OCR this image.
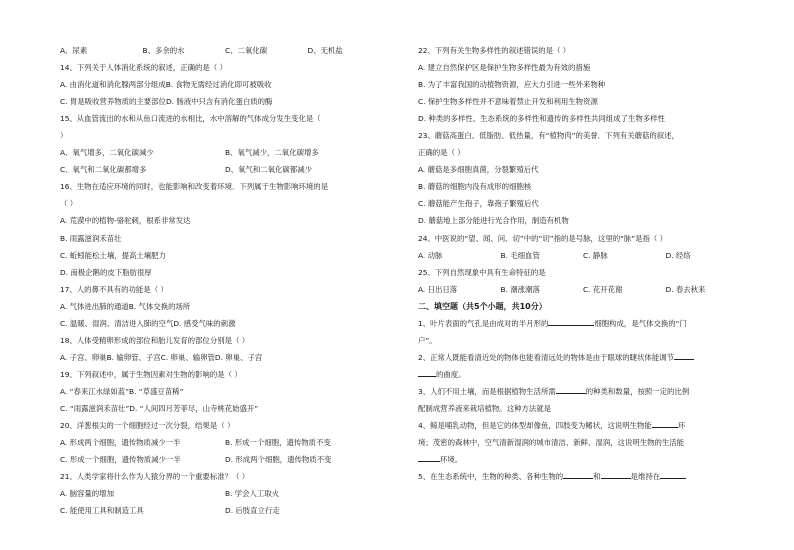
A、尿素	B、多余的水	C、二氧化碳	D、无机盐
14、下列关于人体消化系统的叙述，正确的是（ ）
A. 由消化道和消化腺两部分组成B. 食物无需经过消化即可被吸收
C. 胃是吸收营养物质的主要部位D. 肠液中只含有消化蛋白质的酶
15、从血管流出的水和从鱼口流进的水相比，水中溶解的气体成分发生变化是（
）
A、氧气增多，二氧化碳减少	B、氧气减少，二氧化碳增多
C、氧气和二氧化碳都增多	D、氧气和二氧化碳都减少
16、生物在适应环境的同时，也能影响和改变着环境．下列属于生物影响环境的是
（ ）
A. 荒漠中的植物-骆驼刺，根系非常发达
B. 雨露滋润禾苗壮
C. 蚯蚓能松土壤，提高土壤肥力
D. 南极企鹅的皮下脂肪很厚
17、人的鼻不具有的功能是（ ）
A. 气体进出肺的通道B. 气体交换的场所
C. 温暖、湿润、清洁进入肺的空气D. 感受气味的刺激
18、人体受精卵形成的部位和胎儿发育的部位分别是（ ）
A. 子宫、卵巢B. 输卵管、子宫C. 卵巢、输卵管D. 卵巢、子宫
19、下列叙述中，属于生物因素对生物的影响的是（ ）
A. “春来江水绿如蓝”B. “草盛豆苗稀”
C. “雨露滋润禾苗壮”D. “人间四月芳菲尽，山寺桃花始盛开”
20、洋葱根尖的一个细胞经过一次分裂，结果是（ ）
A. 形成两个细胞，遗传物质减少一半	B. 形成一个细胞，遗传物质不变
C. 形成一个细胞，遗传物质减少一半	D. 形成两个细胞，遗传物质不变
21、人类学家将什么作为人猿分界的一个重要标准？（ ）
A. 脑容量的增加	B. 学会人工取火
C. 能使用工具和制造工具	D. 后肢直立行走
22、下列有关生物多样性的叙述错误的是（ ）
A. 建立自然保护区是保护生物多样性最为有效的措施
B. 为了丰富我国的动植物资源，应大力引进一些外来物种
C. 保护生物多样性并不意味着禁止开发和利用生物资源
D. 种类的多样性、生态系统的多样性和遗传的多样性共同组成了生物多样性
23、蘑菇高蛋白、低脂肪、低热量，有“植物肉”的美誉．下列有关蘑菇的叙述，
正确的是（ ）
A. 蘑菇是多细胞真菌，分裂繁殖后代
B. 蘑菇的细胞内没有成形的细胞核
C. 蘑菇能产生孢子，靠孢子繁殖后代
D. 蘑菇地上部分能进行光合作用，制造有机物
24、中医说的“望、闻、问、切”中的“切”指的是号脉，这里的“脉”是指（ ）
A. 动脉	B. 毛细血管	C. 静脉	D. 经络
25、下列自然现象中具有生命特征的是
A. 日出日落	B. 潮涨潮落	C. 花开花谢	D. 春去秋来
二、填空题（共5个小题，共10分）
1、叶片表面的气孔是由成对的半月形的	细胞构成，是气体交换的“门
户”。
2、正常人既能看清近处的物体也能看清远处的物体是由于眼球的睫状体能调节
的曲度。
3、人们不用土壤，而是根据植物生活所需	的种类和数量，按照一定的比例
配制成营养液来栽培植物。这种方法就是
4、鲸是哺乳动物，但是它的体型却像鱼，四肢变为鳍状，这说明生物能	环
境；茂密的森林中，空气清新湿润的城市清洁、新鲜、湿润，这说明生物的生活能
环境。
5、在生态系统中，生物的种类、各种生物的	和	是维持在
